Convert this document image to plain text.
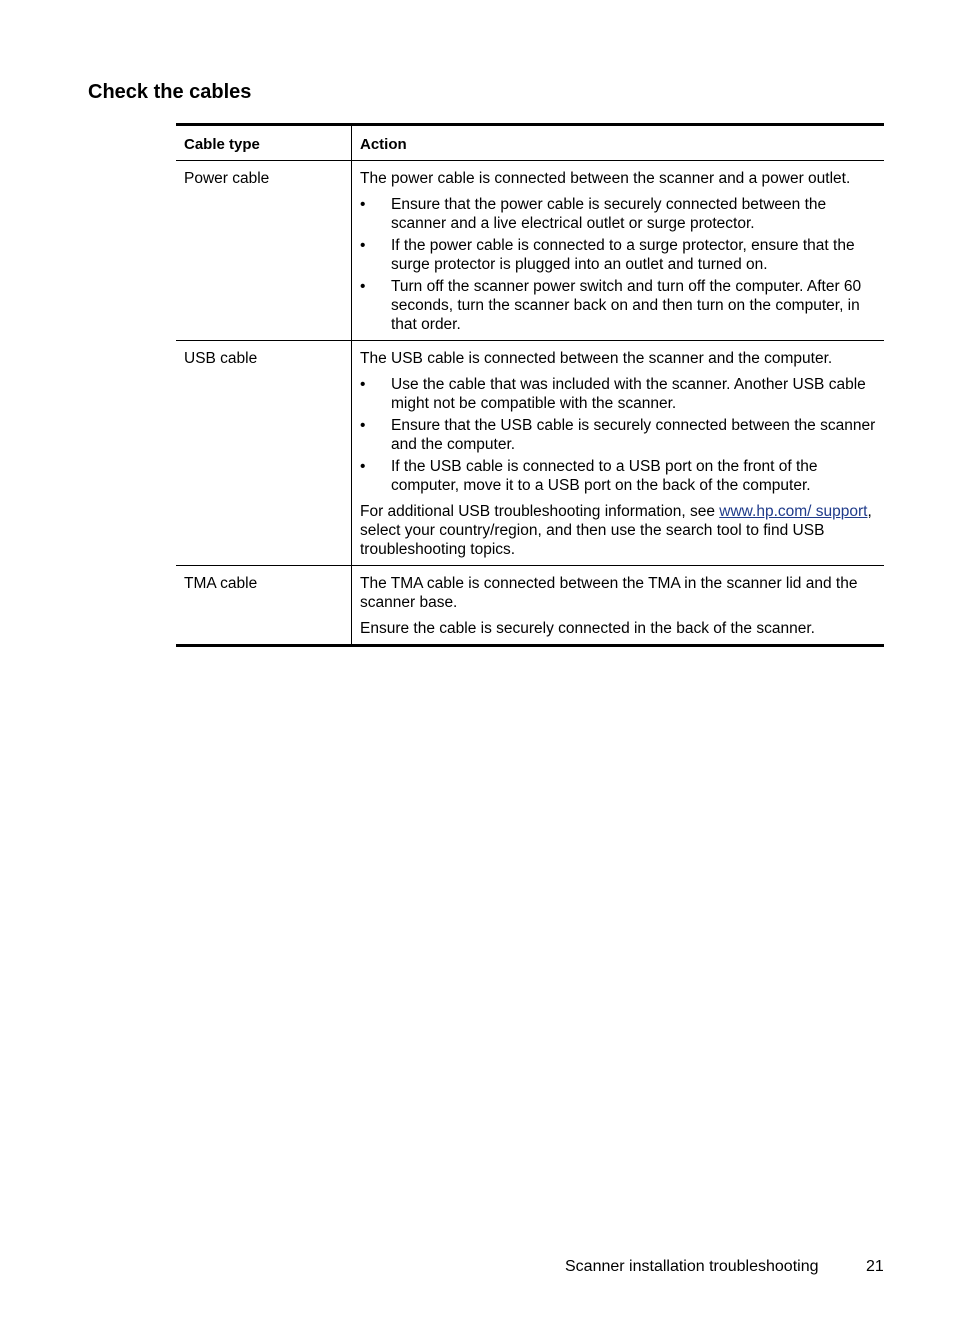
Check the cables
Cable type	Action
Power cable	The power cable is connected between the scanner and a power outlet.

• Ensure that the power cable is securely connected between the scanner and a live electrical outlet or surge protector.
• If the power cable is connected to a surge protector, ensure that the surge protector is plugged into an outlet and turned on.
• Turn off the scanner power switch and turn off the computer. After 60 seconds, turn the scanner back on and then turn on the computer, in that order.
USB cable	The USB cable is connected between the scanner and the computer.

• Use the cable that was included with the scanner. Another USB cable might not be compatible with the scanner.
• Ensure that the USB cable is securely connected between the scanner and the computer.
• If the USB cable is connected to a USB port on the front of the computer, move it to a USB port on the back of the computer.

For additional USB troubleshooting information, see www.hp.com/ support, select your country/region, and then use the search tool to find USB troubleshooting topics.

TMA cable	The TMA cable is connected between the TMA in the scanner lid and the scanner base.

Ensure the cable is securely connected in the back of the scanner.

Scanner installation troubleshooting	21
